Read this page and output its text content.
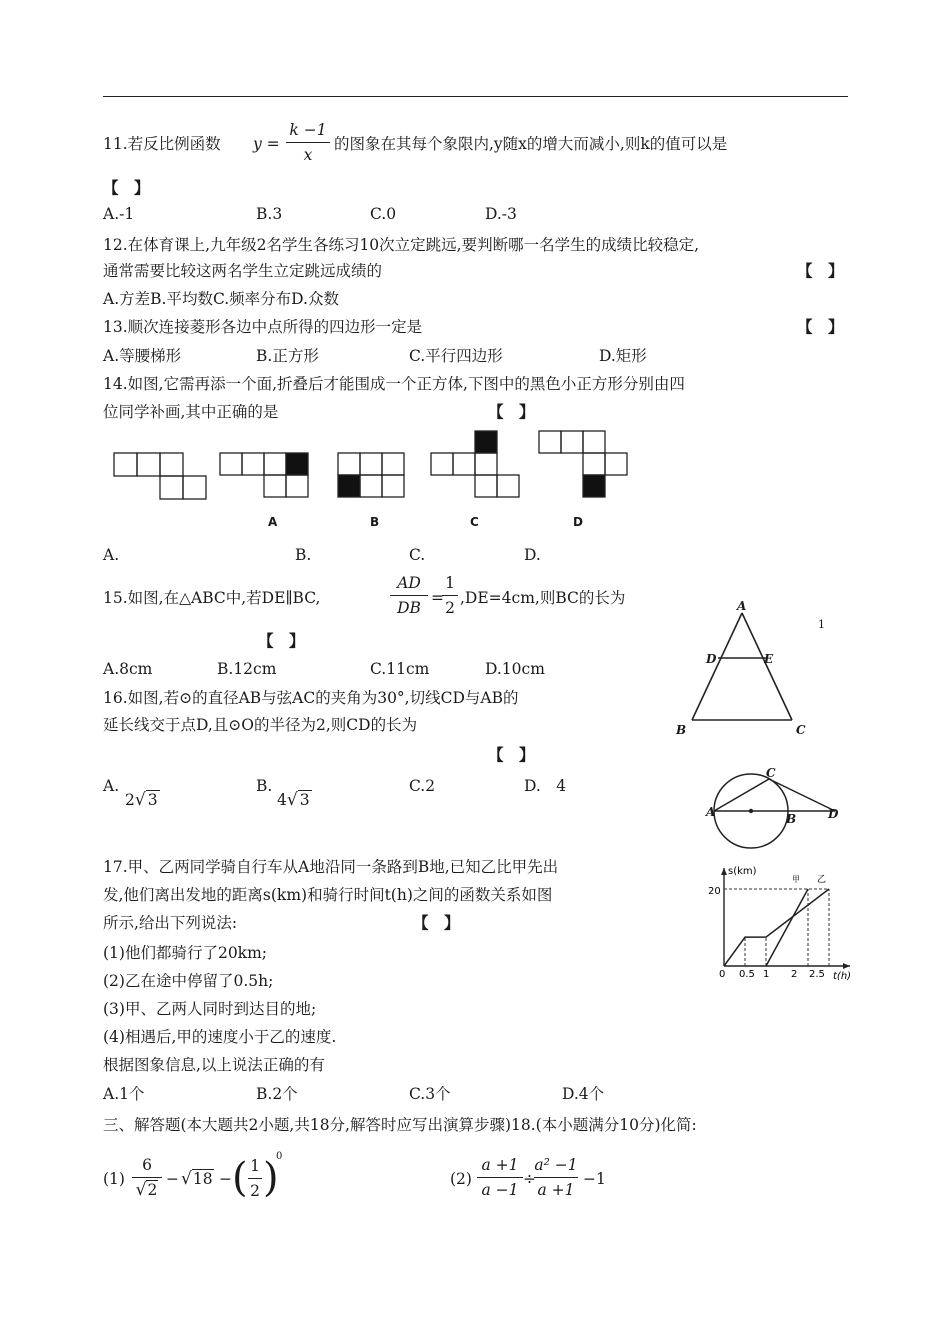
11.若反比例函数 y =
k −1
x
的图象在其每个象限内,y随x的增大而减小,则k的值可以是
【　】
A.-1	B.3	C.0	D.-3
12.在体育课上,九年级2名学生各练习10次立定跳远,要判断哪一名学生的成绩比较稳定,
通常需要比较这两名学生立定跳远成绩的	【　】
A.方差B.平均数C.频率分布D.众数
13.顺次连接菱形各边中点所得的四边形一定是	【　】
A.等腰梯形	B.正方形	C.平行四边形	D.矩形
14.如图,它需再添一个面,折叠后才能围成一个正方体,下图中的黑色小正方形分别由四
位同学补画,其中正确的是	【　】
A	B	C	D
A.	B.	C.	D.
15.如图,在△ABC中,若DE∥BC,
AD
DB
=
1
2
,DE=4cm,则BC的长为
【　】
A.8cm	B.12cm	C.11cm	D.10cm
A
D	E
B	C
1
16.如图,若⊙的直径AB与弦AC的夹角为30°,切线CD与AB的
延长线交于点D,且⊙O的半径为2,则CD的长为
【　】
A.
2√ 3
B.
4√ 3
C.2	D.　4
A
C
B	D
17.甲、乙两同学骑自行车从A地沿同一条路到B地,已知乙比甲先出
发,他们离出发地的距离s(km)和骑行时间t(h)之间的函数关系如图
所示,给出下列说法:	【　】
(1)他们都骑行了20km;
(2)乙在途中停留了0.5h;
(3)甲、乙两人同时到达目的地;
(4)相遇后,甲的速度小于乙的速度.
根据图象信息,以上说法正确的有
A.1个	B.2个	C.3个	D.4个
s(km)
t(h)
20
0 0.5 1 2 2.5
甲 乙
三、解答题(本大题共2小题,共18分,解答时应写出演算步骤)18.(本小题满分10分)化简:
(1)
6
√2
− √18 − ( 1
2 )
0
(2)
a +1
a −1
÷
a² −1
a +1
−1
